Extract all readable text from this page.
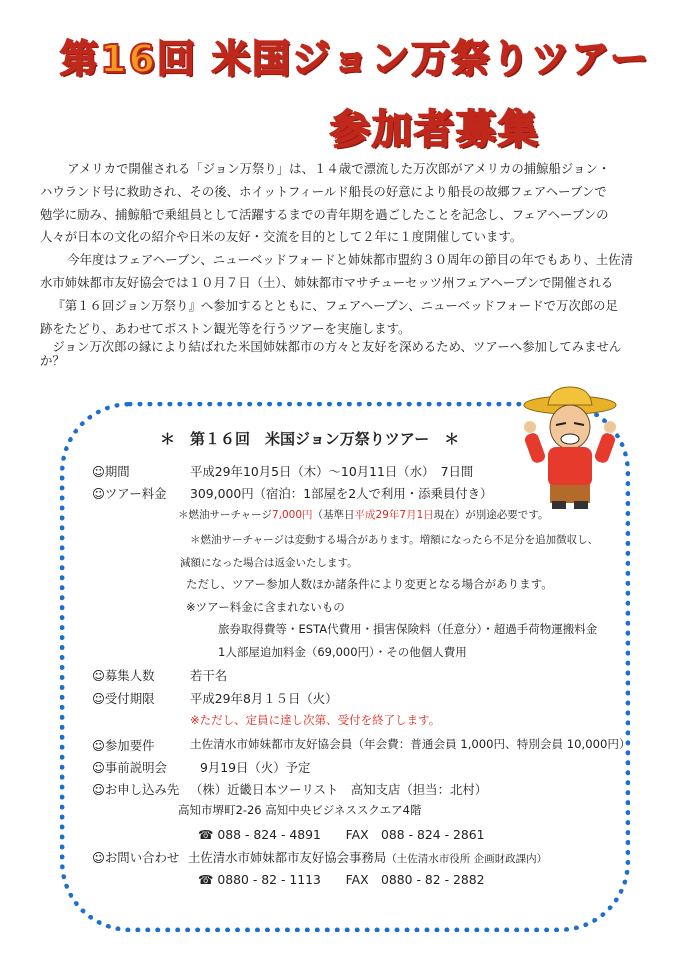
第16回 米国ジョン万祭りツアー
参加者募集

アメリカで開催される「ジョン万祭り」は、１４歳で漂流した万次郎がアメリカの捕鯨船ジョン・

ハウランド号に救助され、その後、ホイットフィールド船長の好意により船長の故郷フェアヘーブンで

勉学に励み、捕鯨船で乗組員として活躍するまでの青年期を過ごしたことを記念し、フェアヘーブンの

人々が日本の文化の紹介や日米の友好・交流を目的として２年に１度開催しています。

今年度はフェアヘーブン、ニューベッドフォードと姉妹都市盟約３０周年の節目の年でもあり、土佐清

水市姉妹都市友好協会では１０月７日（土）、姉妹都市マサチューセッツ州フェアヘーブンで開催される

『第１６回ジョン万祭り』へ参加するとともに、フェアヘーブン、ニューベッドフォードで万次郎の足

跡をたどり、あわせてボストン観光等を行うツアーを実施します。

ジョン万次郎の縁により結ばれた米国姉妹都市の方々と友好を深めるため、ツアーへ参加してみません

か？

＊　第１６回　米国ジョン万祭りツアー　＊
☺期間	平成29年10月5日（木）～10月11日（水）　7日間
☺ツアー料金 309,000円（宿泊：1部屋を2人で利用・添乗員付き）
＊燃油サーチャージ7,000円（基準日平成29年7月1日現在）が別途必要です。
＊燃油サーチャージは変動する場合があります。増額になったら不足分を追加徴収し、
減額になった場合は返金いたします。
ただし、ツアー参加人数ほか諸条件により変更となる場合があります。
※ツアー料金に含まれないもの
旅券取得費等・ESTA代費用・損害保険料（任意分）・超過手荷物運搬料金
1人部屋追加料金（69,000円）・その他個人費用
☺募集人数	若干名
☺受付期限	平成29年8月１５日（火）
※ただし、定員に達し次第、受付を終了します。
☺参加要件	土佐清水市姉妹都市友好協会員（年会費：普通会員 1,000円、特別会員 10,000円）
☺事前説明会	9月19日（火）予定
☺お申し込み先 （株）近畿日本ツーリスト　高知支店（担当：北村）
高知市堺町2-26 高知中央ビジネススクエア4階
☎ 088 - 824 - 4891　　FAX　088 - 824 - 2861
☺お問い合わせ 土佐清水市姉妹都市友好協会事務局（土佐清水市役所 企画財政課内）
☎ 0880 - 82 - 1113　　FAX　0880 - 82 - 2882
